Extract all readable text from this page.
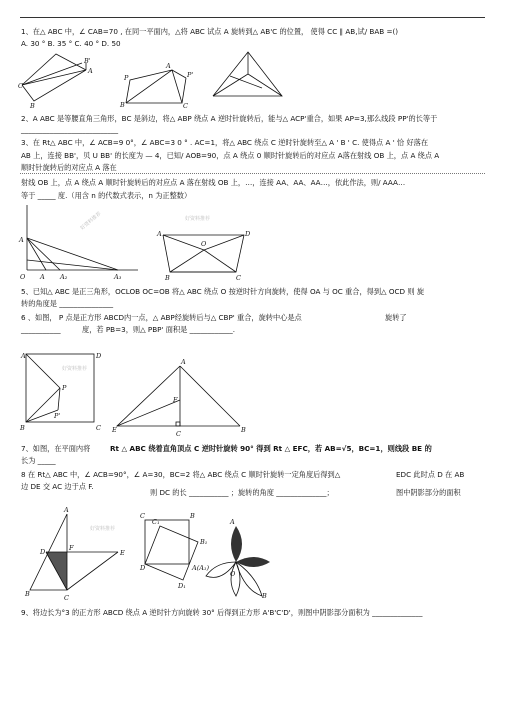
1、在△ ABC 中，∠ CAB=70 , 在同一平面内，△将 ABC 试点 A 旋转到△ AB'C 的位置， 使得 CC ∥ AB,试/ BAB =()
A. 30 ° B. 35 ° C. 40 ° D. 50
C
B'
A
B
A
P	P'
B	C
2、A ABC 是等腰直角三角形，BC 是斜边，将△ ABP 绕点 A 逆时针旋转后，能与△ ACP'重合，如果 AP=3,那么线段 PP'的长等于
___________________________
3、在 Rt△ ABC 中，∠ ACB=9 0°，∠ ABC=3 0 ° . AC=1，将△ ABC 绕点 C 逆时针旋转至△ A ' B ' C. 使得点 A ' 恰 好落在
AB 上，连接 BB'，贝 U BB' 的长度为 — 4，已知/ AOB=90，点 A 绕点 0 顺时针旋转后的对应点 A落在射线 OB 上，点 A 绕点 A
顺时针旋转后的对应点 A 落在
射线 OB 上，点 A 绕点 A 顺时针旋转后的对应点 A 落在射线 OB 上，…，连接 AA、AA、AA…，依此作法，则/ AAA…
等于 _____ 度.（用含 n 的代数式表示，n 为正整数）
O A A₂	A₃
A
好资料推荐
A	D
O
B	C
好资料推荐
5、已知△ ABC 是正三角形，OCLOB OC=OB 将△ ABC 绕点 O 按逆时针方向旋转，使得 OA 与 OC 重合，得到△ OCD 则 旋
转的角度是 _______________
6 、如图， P 点是正方形 ABCD内一点，△ ABP经旋转后与△ CBP' 重合，旋转中心是点	旋转了
___________	度，若 PB=3，则△ PBP' 面积是 ____________.
A	D
P
P'
B	C
好资料推荐
A
F
E	C	B
7、如图，在平面内将	Rt △ ABC 绕着直角顶点 C 逆时针旋转 90° 得到 Rt △ EFC，若 AB=√5，BC=1，则线段 BE 的
长为 _____
8 在 Rt△ ABC 中，∠ ACB=90°，∠ A=30，BC=2 将△ ABC 绕点 C 顺时针旋转一定角度后得到△	EDC 此时点 D 在 AB
边 DE 交 AC 边于点 F.
则 DC 的长 ___________ ；旋转的角度 ______________；	图中阴影部分的面积
A
D	F
E
B	C
好资料推荐
C	B
D	A(A₁)
C₁
B₁
D₁
A
O
B
9、将边长为°3 的正方形 ABCD 绕点 A 逆时针方向旋转 30° 后得到正方形 A'B'C'D'，则图中阴影部分面积为 ______________
